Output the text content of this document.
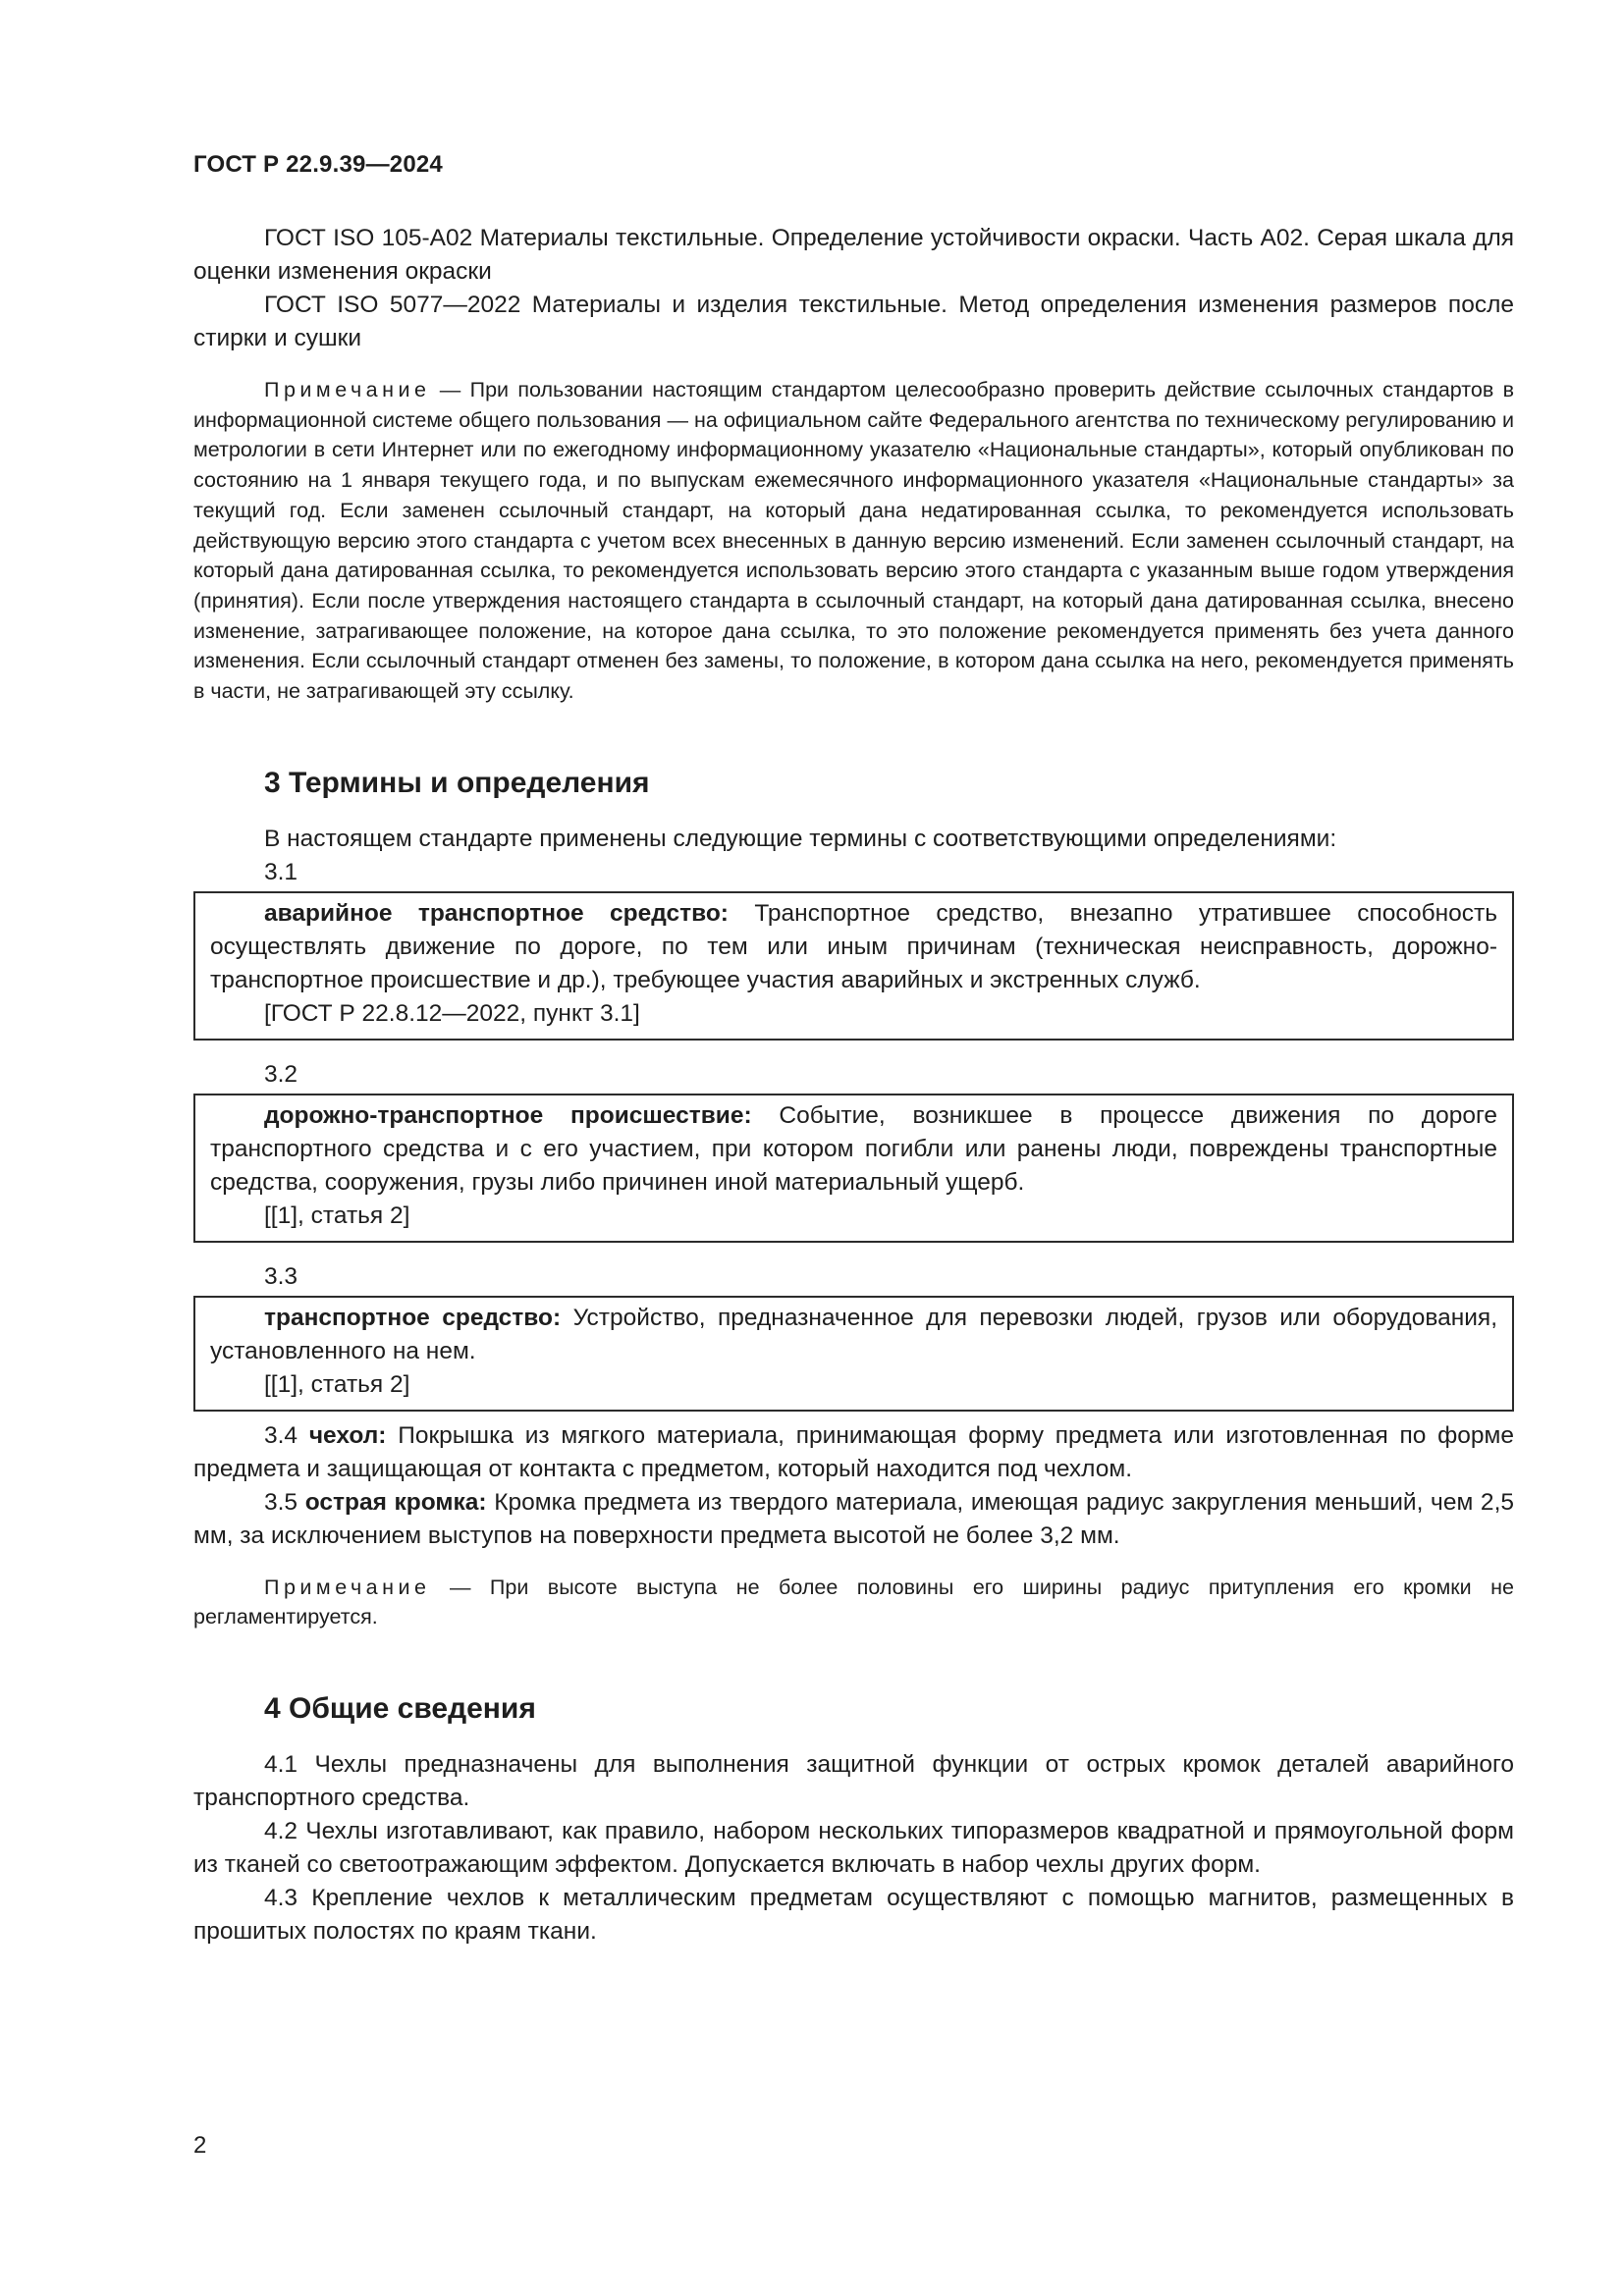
ГОСТ Р 22.9.39—2024

ГОСТ ISO 105-A02 Материалы текстильные. Определение устойчивости окраски. Часть А02. Серая шкала для оценки изменения окраски

ГОСТ ISO 5077—2022 Материалы и изделия текстильные. Метод определения изменения размеров после стирки и сушки

Примечание — При пользовании настоящим стандартом целесообразно проверить действие ссылочных стандартов в информационной системе общего пользования — на официальном сайте Федерального агентства по техническому регулированию и метрологии в сети Интернет или по ежегодному информационному указателю «Национальные стандарты», который опубликован по состоянию на 1 января текущего года, и по выпускам ежемесячного информационного указателя «Национальные стандарты» за текущий год. Если заменен ссылочный стандарт, на который дана недатированная ссылка, то рекомендуется использовать действующую версию этого стандарта с учетом всех внесенных в данную версию изменений. Если заменен ссылочный стандарт, на который дана датированная ссылка, то рекомендуется использовать версию этого стандарта с указанным выше годом утверждения (принятия). Если после утверждения настоящего стандарта в ссылочный стандарт, на который дана датированная ссылка, внесено изменение, затрагивающее положение, на которое дана ссылка, то это положение рекомендуется применять без учета данного изменения. Если ссылочный стандарт отменен без замены, то положение, в котором дана ссылка на него, рекомендуется применять в части, не затрагивающей эту ссылку.

3 Термины и определения

В настоящем стандарте применены следующие термины с соответствующими определениями:

3.1

аварийное транспортное средство: Транспортное средство, внезапно утратившее способность осуществлять движение по дороге, по тем или иным причинам (техническая неисправность, дорожно-транспортное происшествие и др.), требующее участия аварийных и экстренных служб.

[ГОСТ Р 22.8.12—2022, пункт 3.1]
3.2

дорожно-транспортное происшествие: Событие, возникшее в процессе движения по дороге транспортного средства и с его участием, при котором погибли или ранены люди, повреждены транспортные средства, сооружения, грузы либо причинен иной материальный ущерб.

[[1], статья 2]
3.3

транспортное средство: Устройство, предназначенное для перевозки людей, грузов или оборудования, установленного на нем.

[[1], статья 2]

3.4 чехол: Покрышка из мягкого материала, принимающая форму предмета или изготовленная по форме предмета и защищающая от контакта с предметом, который находится под чехлом.

3.5 острая кромка: Кромка предмета из твердого материала, имеющая радиус закругления меньший, чем 2,5 мм, за исключением выступов на поверхности предмета высотой не более 3,2 мм.

Примечание — При высоте выступа не более половины его ширины радиус притупления его кромки не регламентируется.

4 Общие сведения

4.1 Чехлы предназначены для выполнения защитной функции от острых кромок деталей аварийного транспортного средства.

4.2 Чехлы изготавливают, как правило, набором нескольких типоразмеров квадратной и прямоугольной форм из тканей со светоотражающим эффектом. Допускается включать в набор чехлы других форм.

4.3 Крепление чехлов к металлическим предметам осуществляют с помощью магнитов, размещенных в прошитых полостях по краям ткани.

2
